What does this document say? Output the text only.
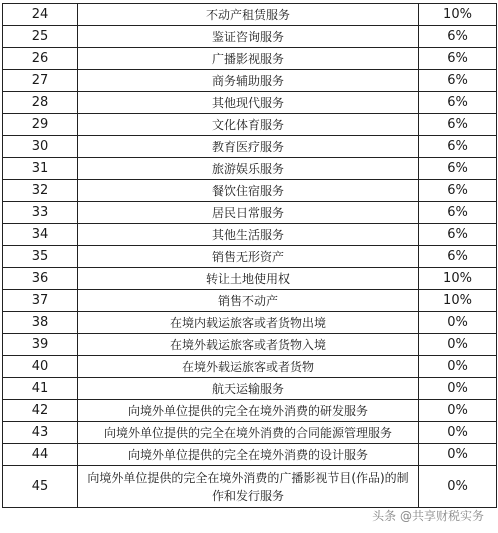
24	不动产租赁服务	10%
25	鉴证咨询服务	6%
26	广播影视服务	6%
27	商务辅助服务	6%
28	其他现代服务	6%
29	文化体育服务	6%
30	教育医疗服务	6%
31	旅游娱乐服务	6%
32	餐饮住宿服务	6%
33	居民日常服务	6%
34	其他生活服务	6%
35	销售无形资产	6%
36	转让土地使用权	10%
37	销售不动产	10%
38	在境内载运旅客或者货物出境	0%
39	在境外载运旅客或者货物入境	0%
40	在境外载运旅客或者货物	0%
41	航天运输服务	0%
42	向境外单位提供的完全在境外消费的研发服务	0%
43	向境外单位提供的完全在境外消费的合同能源管理服务	0%
44	向境外单位提供的完全在境外消费的设计服务	0%
45	向境外单位提供的完全在境外消费的广播影视节目(作品)的制作和发行服务	0%
头条 @共享财税实务
